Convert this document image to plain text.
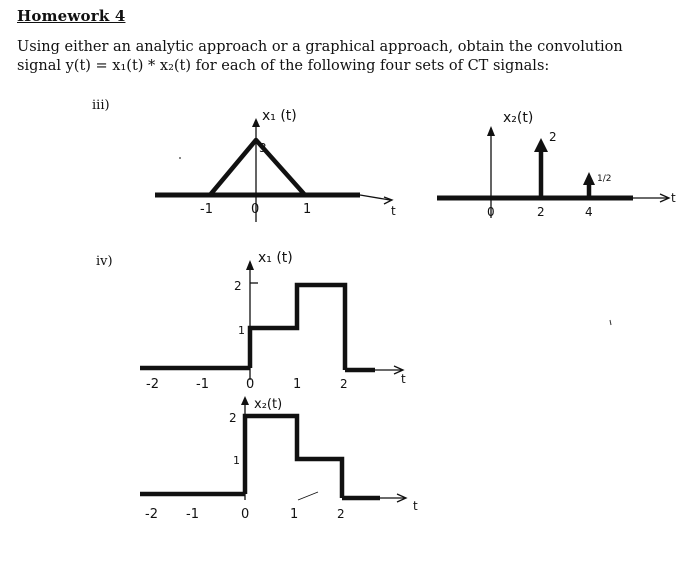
Homework 4
Using either an analytic approach or a graphical approach, obtain the convolution
signal y(t) = x₁(t) * x₂(t) for each of the following four sets of CT signals:
iii)
iv)
x₁ (t)
3
-1	0	1	t
x₂(t)
2
1/2
0	2	4
t
x₁ (t)
2
1
-2	-1	0	1	2	t
x₂(t)
2
1
-2 -1	0	1	2
t
